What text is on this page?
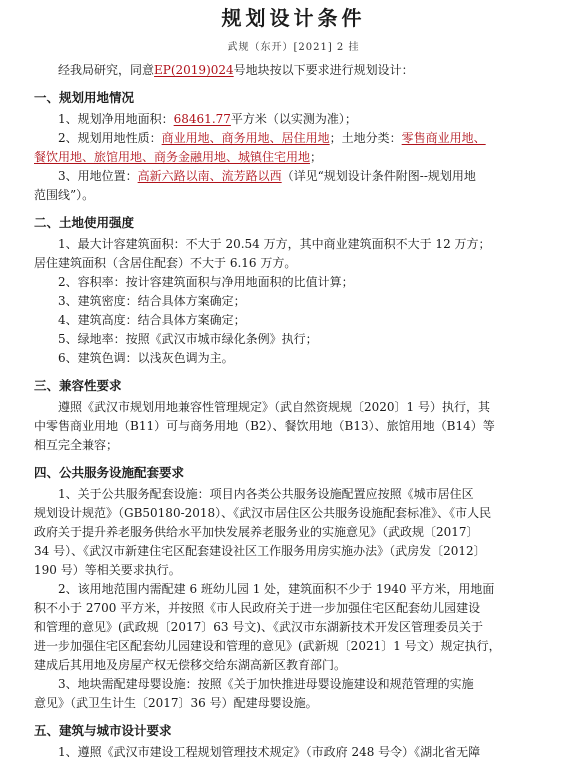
规划设计条件
武规（东开）[2021] 2 挂

经我局研究，同意EP(2019)024号地块按以下要求进行规划设计：

一、规划用地情况

1、规划净用地面积：68461.77平方米（以实测为准）；

2、规划用地性质：商业用地、商务用地、居住用地；土地分类：零售商业用地、

餐饮用地、旅馆用地、商务金融用地、城镇住宅用地；

3、用地位置：高新六路以南、流芳路以西（详见“规划设计条件附图--规划用地

范围线”）。

二、土地使用强度

1、最大计容建筑面积：不大于 20.54 万方，其中商业建筑面积不大于 12 万方；

居住建筑面积（含居住配套）不大于 6.16 万方。

2、容积率：按计容建筑面积与净用地面积的比值计算；

3、建筑密度：结合具体方案确定；

4、建筑高度：结合具体方案确定；

5、绿地率：按照《武汉市城市绿化条例》执行；

6、建筑色调：以浅灰色调为主。

三、兼容性要求

遵照《武汉市规划用地兼容性管理规定》（武自然资规规〔2020〕1 号）执行，其

中零售商业用地（B11）可与商务用地（B2）、餐饮用地（B13）、旅馆用地（B14）等

相互完全兼容；

四、公共服务设施配套要求

1、关于公共服务配套设施：项目内各类公共服务设施配置应按照《城市居住区

规划设计规范》（GB50180-2018）、《武汉市居住区公共服务设施配套标准》、《市人民

政府关于提升养老服务供给水平加快发展养老服务业的实施意见》（武政规〔2017〕

34 号）、《武汉市新建住宅区配套建设社区工作服务用房实施办法》（武房发〔2012〕

190 号）等相关要求执行。

2、该用地范围内需配建 6 班幼儿园 1 处，建筑面积不少于 1940 平方米，用地面

积不小于 2700 平方米，并按照《市人民政府关于进一步加强住宅区配套幼儿园建设

和管理的意见》(武政规〔2017〕63 号文)、《武汉市东湖新技术开发区管理委员关于

进一步加强住宅区配套幼儿园建设和管理的意见》(武新规〔2021〕1 号文）规定执行，

建成后其用地及房屋产权无偿移交给东湖高新区教育部门。

3、地块需配建母婴设施：按照《关于加快推进母婴设施建设和规范管理的实施

意见》（武卫生计生〔2017〕36 号）配建母婴设施。

五、建筑与城市设计要求

1、遵照《武汉市建设工程规划管理技术规定》（市政府 248 号令）《湖北省无障
